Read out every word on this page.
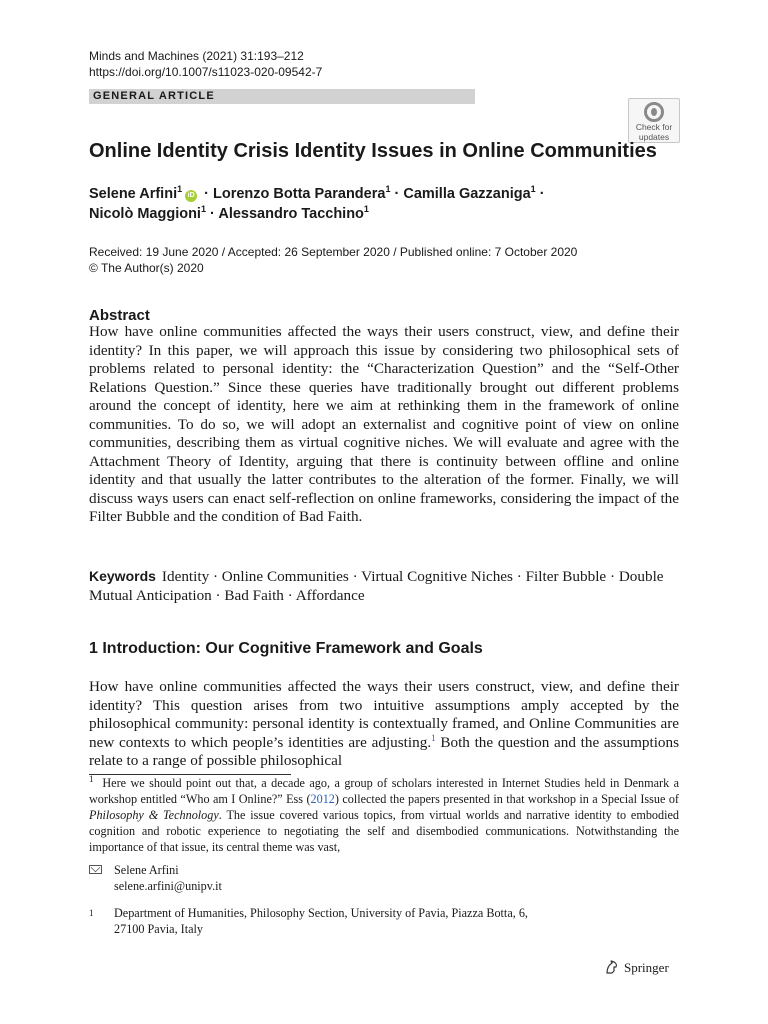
Minds and Machines (2021) 31:193–212
https://doi.org/10.1007/s11023-020-09542-7
GENERAL ARTICLE
Check for
updates
Online Identity Crisis Identity Issues in Online Communities
Selene Arfini$^1$iD · Lorenzo Botta Parandera$^1$ · Camilla Gazzaniga$^1$ ·
Nicolò Maggioni$^1$ · Alessandro Tacchino$^1$
Received: 19 June 2020 / Accepted: 26 September 2020 / Published online: 7 October 2020
© The Author(s) 2020
Abstract
How have online communities affected the ways their users construct, view, and define their identity? In this paper, we will approach this issue by considering two philosophical sets of problems related to personal identity: the “Characterization Question” and the “Self-Other Relations Question.” Since these queries have traditionally brought out different problems around the concept of identity, here we aim at rethinking them in the framework of online communities. To do so, we will adopt an externalist and cognitive point of view on online communities, describing them as virtual cognitive niches. We will evaluate and agree with the Attachment Theory of Identity, arguing that there is continuity between offline and online identity and that usually the latter contributes to the alteration of the former. Finally, we will discuss ways users can enact self-reflection on online frameworks, considering the impact of the Filter Bubble and the condition of Bad Faith.
Keywords Identity · Online Communities · Virtual Cognitive Niches · Filter Bubble · Double Mutual Anticipation · Bad Faith · Affordance
1 Introduction: Our Cognitive Framework and Goals
How have online communities affected the ways their users construct, view, and define their identity? This question arises from two intuitive assumptions amply accepted by the philosophical community: personal identity is contextually framed, and Online Communities are new contexts to which people’s identities are adjusting.$^1$ Both the question and the assumptions relate to a range of possible philosophical
$^1$ Here we should point out that, a decade ago, a group of scholars interested in Internet Studies held in Denmark a workshop entitled “Who am I Online?” Ess (2012) collected the papers presented in that workshop in a Special Issue of Philosophy & Technology. The issue covered various topics, from virtual worlds and narrative identity to embodied cognition and robotic experience to negotiating the self and disembodied communications. Notwithstanding the importance of that issue, its central theme was vast,
Selene Arfini
selene.arfini@unipv.it
1 Department of Humanities, Philosophy Section, University of Pavia, Piazza Botta, 6,
27100 Pavia, Italy
Springer
